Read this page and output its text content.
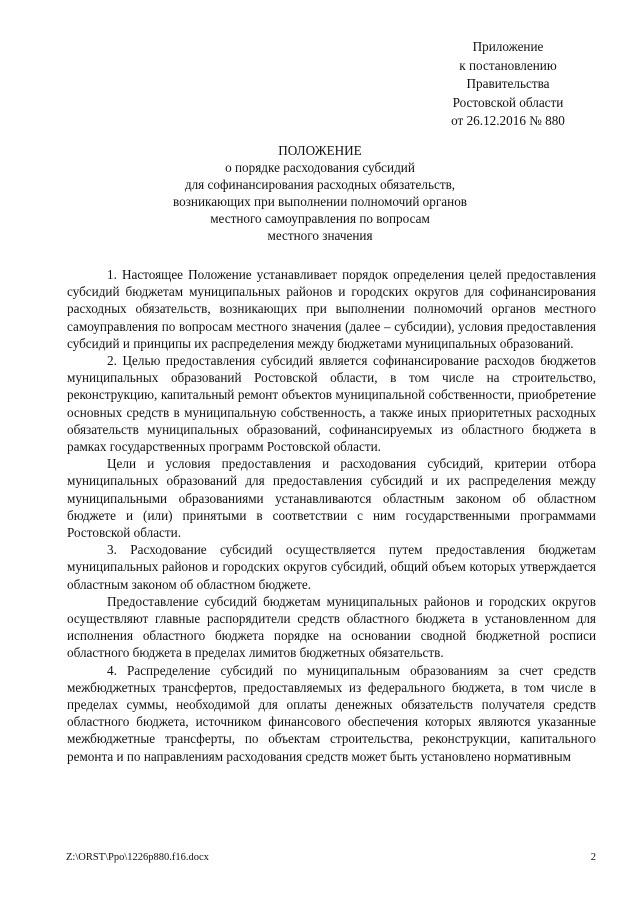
Приложение
к постановлению
Правительства
Ростовской области
от 26.12.2016 № 880
ПОЛОЖЕНИЕ
о порядке расходования субсидий
для софинансирования расходных обязательств,
возникающих при выполнении полномочий органов
местного самоуправления по вопросам
местного значения

1. Настоящее Положение устанавливает порядок определения целей предоставления субсидий бюджетам муниципальных районов и городских округов для софинансирования расходных обязательств, возникающих при выполнении полномочий органов местного самоуправления по вопросам местного значения (далее – субсидии), условия предоставления субсидий и принципы их распределения между бюджетами муниципальных образований.

2. Целью предоставления субсидий является софинансирование расходов бюджетов муниципальных образований Ростовской области, в том числе на строительство, реконструкцию, капитальный ремонт объектов муниципальной собственности, приобретение основных средств в муниципальную собственность, а также иных приоритетных расходных обязательств муниципальных образований, софинансируемых из областного бюджета в рамках государственных программ Ростовской области.

Цели и условия предоставления и расходования субсидий, критерии отбора муниципальных образований для предоставления субсидий и их распределения между муниципальными образованиями устанавливаются областным законом об областном бюджете и (или) принятыми в соответствии с ним государственными программами Ростовской области.

3. Расходование субсидий осуществляется путем предоставления бюджетам муниципальных районов и городских округов субсидий, общий объем которых утверждается областным законом об областном бюджете.

Предоставление субсидий бюджетам муниципальных районов и городских округов осуществляют главные распорядители средств областного бюджета в установленном для исполнения областного бюджета порядке на основании сводной бюджетной росписи областного бюджета в пределах лимитов бюджетных обязательств.

4. Распределение субсидий по муниципальным образованиям за счет средств межбюджетных трансфертов, предоставляемых из федерального бюджета, в том числе в пределах суммы, необходимой для оплаты денежных обязательств получателя средств областного бюджета, источником финансового обеспечения которых являются указанные межбюджетные трансферты, по объектам строительства, реконструкции, капитального ремонта и по направлениям расходования средств может быть установлено нормативным

Z:\ORST\Ppo\1226p880.f16.docx	2
